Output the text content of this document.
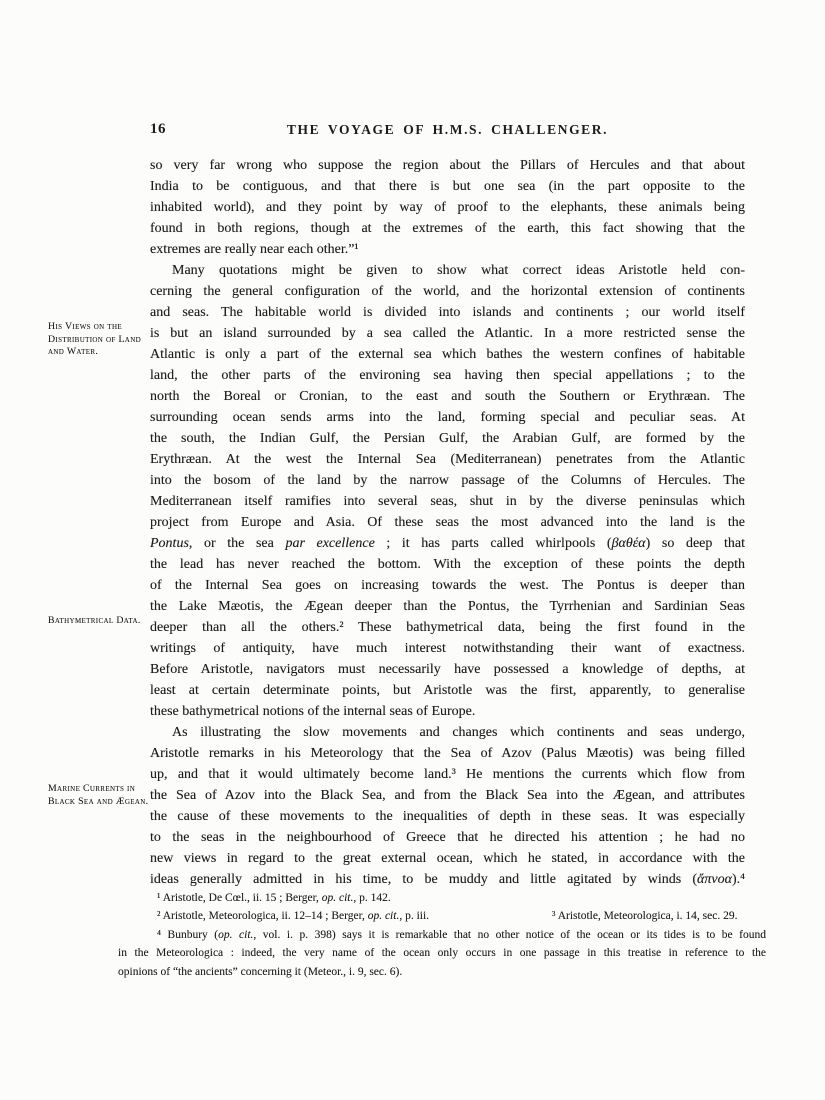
16	THE VOYAGE OF H.M.S. CHALLENGER.
so very far wrong who suppose the region about the Pillars of Hercules and that about
India to be contiguous, and that there is but one sea (in the part opposite to the
inhabited world), and they point by way of proof to the elephants, these animals being
found in both regions, though at the extremes of the earth, this fact showing that the
extremes are really near each other.”¹
Many quotations might be given to show what correct ideas Aristotle held con-
cerning the general configuration of the world, and the horizontal extension of continents
and seas. The habitable world is divided into islands and continents ; our world itself
is but an island surrounded by a sea called the Atlantic. In a more restricted sense the
Atlantic is only a part of the external sea which bathes the western confines of habitable
land, the other parts of the environing sea having then special appellations ; to the
north the Boreal or Cronian, to the east and south the Southern or Erythræan. The
surrounding ocean sends arms into the land, forming special and peculiar seas. At
the south, the Indian Gulf, the Persian Gulf, the Arabian Gulf, are formed by the
Erythræan. At the west the Internal Sea (Mediterranean) penetrates from the Atlantic
into the bosom of the land by the narrow passage of the Columns of Hercules. The
Mediterranean itself ramifies into several seas, shut in by the diverse peninsulas which
project from Europe and Asia. Of these seas the most advanced into the land is the
Pontus, or the sea par excellence ; it has parts called whirlpools (βαθέα) so deep that
the lead has never reached the bottom. With the exception of these points the depth
of the Internal Sea goes on increasing towards the west. The Pontus is deeper than
the Lake Mæotis, the Ægean deeper than the Pontus, the Tyrrhenian and Sardinian Seas
deeper than all the others.² These bathymetrical data, being the first found in the
writings of antiquity, have much interest notwithstanding their want of exactness.
Before Aristotle, navigators must necessarily have possessed a knowledge of depths, at
least at certain determinate points, but Aristotle was the first, apparently, to generalise
these bathymetrical notions of the internal seas of Europe.
As illustrating the slow movements and changes which continents and seas undergo,
Aristotle remarks in his Meteorology that the Sea of Azov (Palus Mæotis) was being filled
up, and that it would ultimately become land.³ He mentions the currents which flow from
the Sea of Azov into the Black Sea, and from the Black Sea into the Ægean, and attributes
the cause of these movements to the inequalities of depth in these seas. It was especially
to the seas in the neighbourhood of Greece that he directed his attention ; he had no
new views in regard to the great external ocean, which he stated, in accordance with the
ideas generally admitted in his time, to be muddy and little agitated by winds (ἄπνοα).⁴
His Views on the Distribution of Land and Water.
Bathymetrical Data.
Marine Currents in Black Sea and Ægean.
¹ Aristotle, De Cœl., ii. 15 ; Berger, op. cit., p. 142.
² Aristotle, Meteorologica, ii. 12–14 ; Berger, op. cit., p. iii.	³ Aristotle, Meteorologica, i. 14, sec. 29.
⁴ Bunbury (op. cit., vol. i. p. 398) says it is remarkable that no other notice of the ocean or its tides is to be found
in the Meteorologica : indeed, the very name of the ocean only occurs in one passage in this treatise in reference to the
opinions of “the ancients” concerning it (Meteor., i. 9, sec. 6).
